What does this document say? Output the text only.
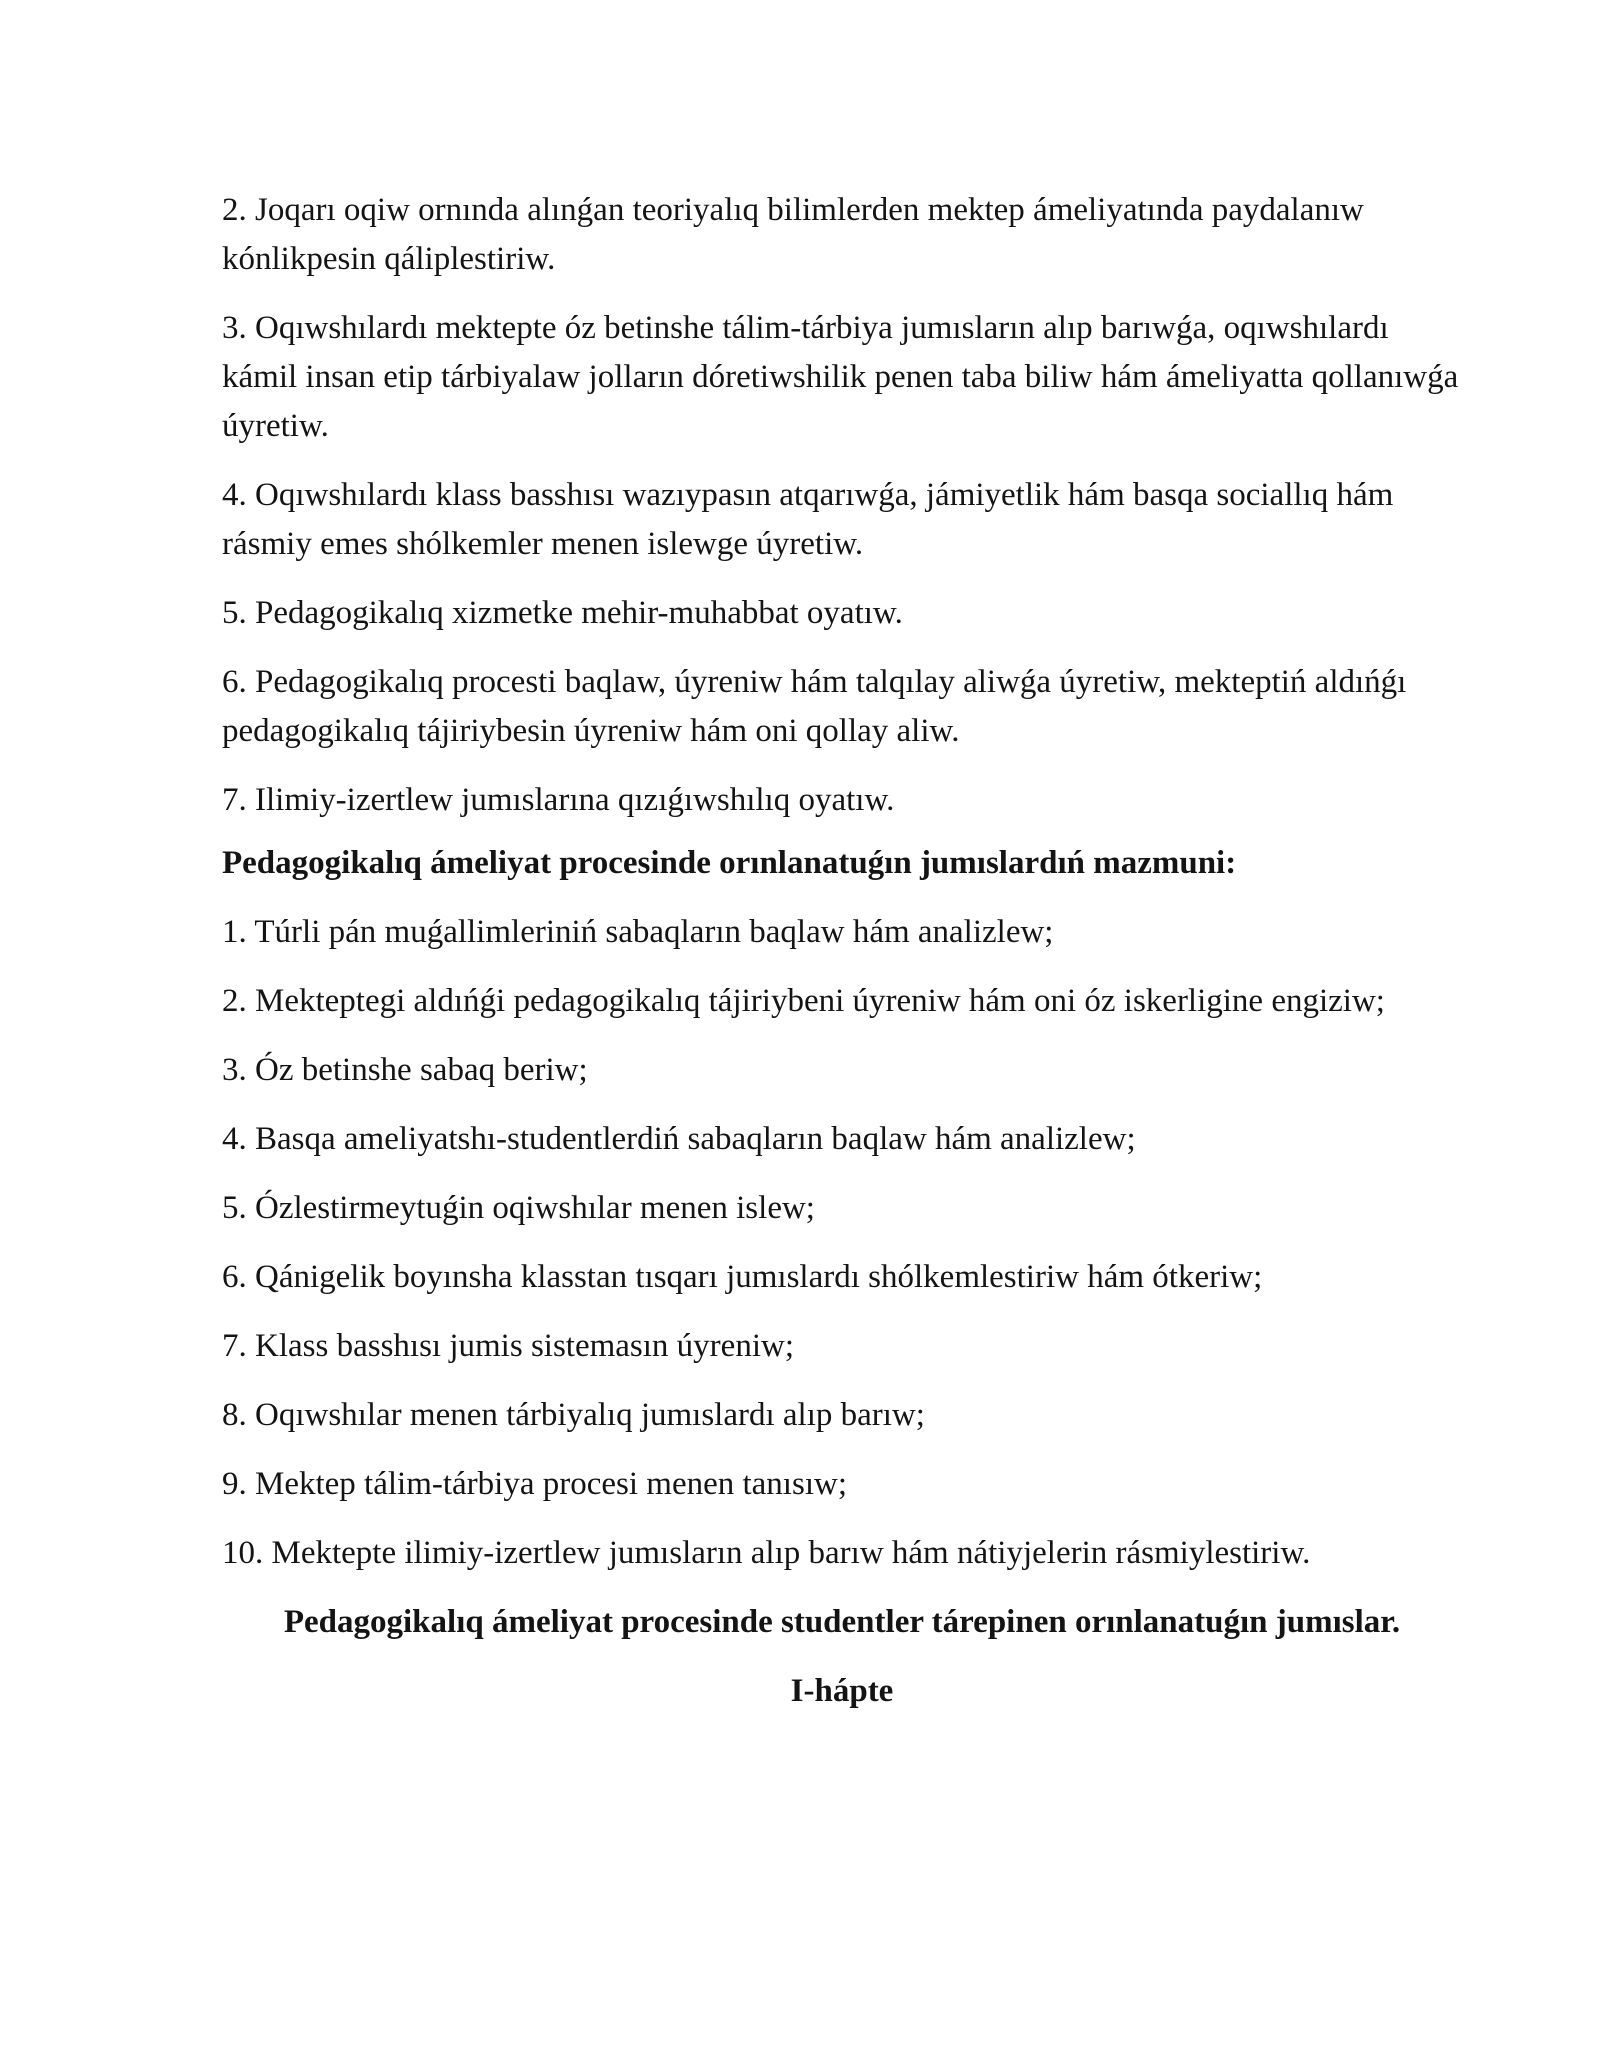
2. Joqarı oqiw ornında alınǵan teoriyalıq bilimlerden mektep ámeliyatında paydalanıw kónlikpesin qáliplestiriw.

3. Oqıwshılardı mektepte óz betinshe tálim-tárbiya jumısların alıp barıwǵa, oqıwshılardı kámil insan etip tárbiyalaw jolların dóretiwshilik penen taba biliw hám ámeliyatta qollanıwǵa úyretiw.

4. Oqıwshılardı klass basshısı wazıypasın atqarıwǵa, jámiyetlik hám basqa sociallıq hám rásmiy emes shólkemler menen islewge úyretiw.

5. Pedagogikalıq xizmetke mehir-muhabbat oyatıw.

6. Pedagogikalıq procesti baqlaw, úyreniw hám talqılay aliwǵa úyretiw, mekteptiń aldıńǵı pedagogikalıq tájiriybesin úyreniw hám oni qollay aliw.

7. Ilimiy-izertlew jumıslarına qızıǵıwshılıq oyatıw.

Pedagogikalıq ámeliyat procesinde orınlanatuǵın jumıslardıń mazmuni:

1. Túrli pán muǵallimleriniń sabaqların baqlaw hám analizlew;

2. Mekteptegi aldıńǵi pedagogikalıq tájiriybeni úyreniw hám oni óz iskerligine engiziw;

3. Óz betinshe sabaq beriw;

4. Basqa ameliyatshı-studentlerdiń sabaqların baqlaw hám analizlew;

5. Ózlestirmeytuǵin oqiwshılar menen islew;

6. Qánigelik boyınsha klasstan tısqarı jumıslardı shólkemlestiriw hám ótkeriw;

7. Klass basshısı jumis sistemasın úyreniw;

8. Oqıwshılar menen tárbiyalıq jumıslardı alıp barıw;

9. Mektep tálim-tárbiya procesi menen tanısıw;

10. Mektepte ilimiy-izertlew jumısların alıp barıw hám nátiyjelerin rásmiylestiriw.

Pedagogikalıq ámeliyat procesinde studentler tárepinen orınlanatuǵın jumıslar.

I-hápte
